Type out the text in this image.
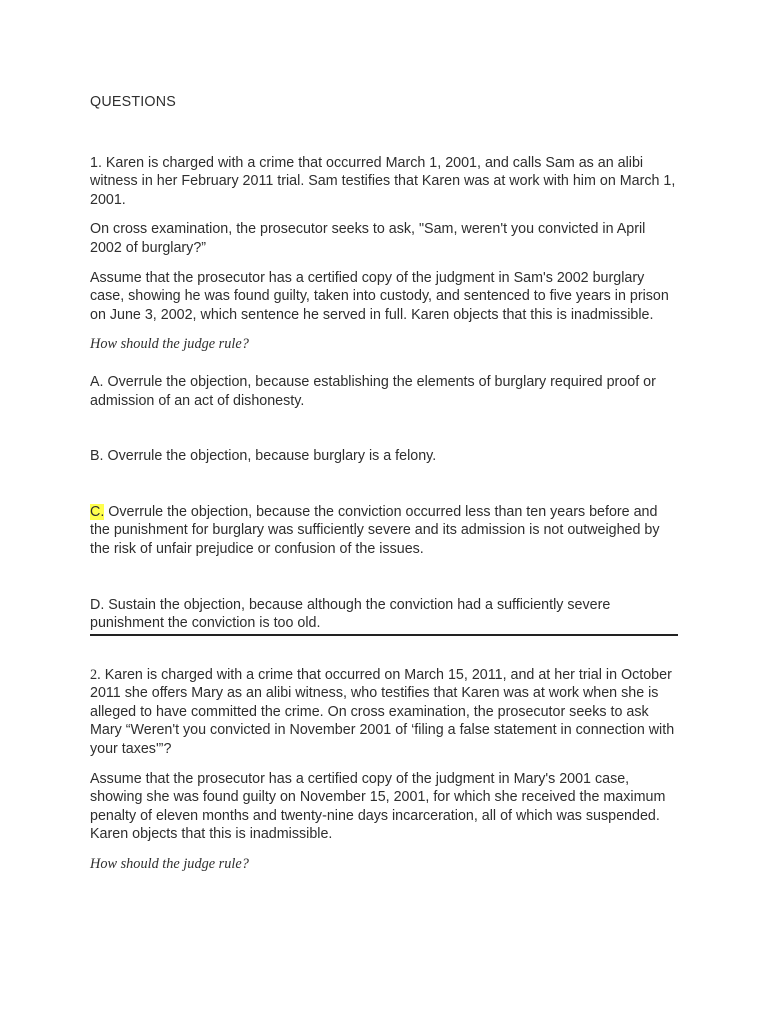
QUESTIONS

1. Karen is charged with a crime that occurred March 1, 2001, and calls Sam as an alibi witness in her February 2011 trial. Sam testifies that Karen was at work with him on March 1, 2001.

On cross examination, the prosecutor seeks to ask, "Sam, weren't you convicted in April 2002 of burglary?”

Assume that the prosecutor has a certified copy of the judgment in Sam's 2002 burglary case, showing he was found guilty, taken into custody, and sentenced to five years in prison on June 3, 2002, which sentence he served in full. Karen objects that this is inadmissible.

How should the judge rule?

A. Overrule the objection, because establishing the elements of burglary required proof or admission of an act of dishonesty.

B. Overrule the objection, because burglary is a felony.

C. Overrule the objection, because the conviction occurred less than ten years before and the punishment for burglary was sufficiently severe and its admission is not outweighed by the risk of unfair prejudice or confusion of the issues.

D. Sustain the objection, because although the conviction had a sufficiently severe punishment the conviction is too old.

2. Karen is charged with a crime that occurred on March 15, 2011, and at her trial in October 2011 she offers Mary as an alibi witness, who testifies that Karen was at work when she is alleged to have committed the crime. On cross examination, the prosecutor seeks to ask Mary “Weren't you convicted in November 2001 of ‘filing a false statement in connection with your taxes'”?

Assume that the prosecutor has a certified copy of the judgment in Mary's 2001 case, showing she was found guilty on November 15, 2001, for which she received the maximum penalty of eleven months and twenty-nine days incarceration, all of which was suspended. Karen objects that this is inadmissible.

How should the judge rule?
